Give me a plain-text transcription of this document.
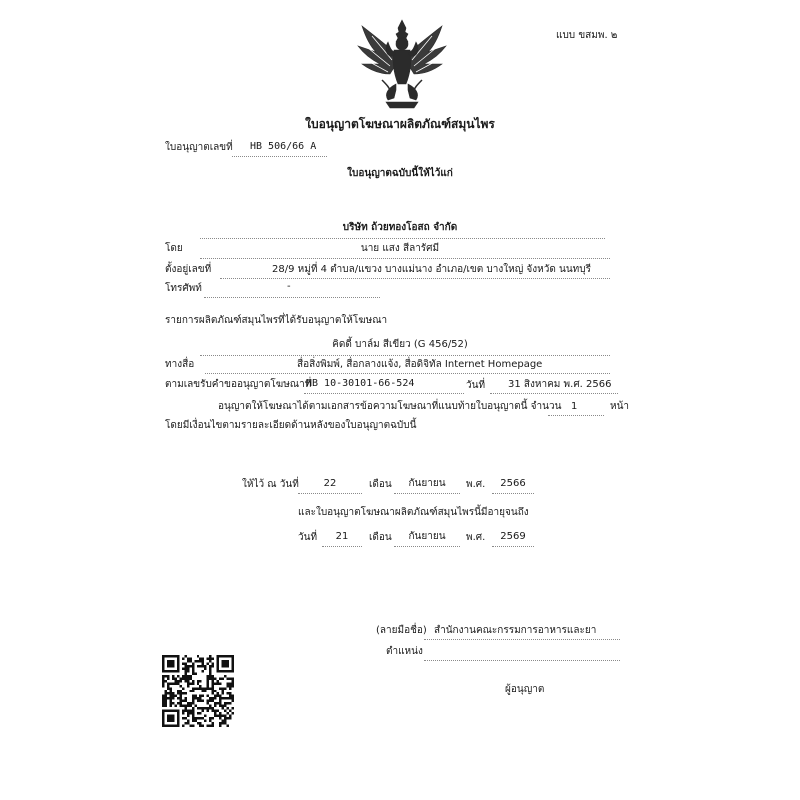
แบบ ขสมพ. ๒
ใบอนุญาตโฆษณาผลิตภัณฑ์สมุนไพร
ใบอนุญาตเลขที่ HB 506/66 A
ใบอนุญาตฉบับนี้ให้ไว้แก่
บริษัท ถ้วยทองโอสถ จำกัด
โดย	นาย แสง สีลารัศมี
ตั้งอยู่เลขที่	28/9 หมู่ที่ 4 ตำบล/แขวง บางแม่นาง อำเภอ/เขต บางใหญ่ จังหวัด นนทบุรี
โทรศัพท์	-
รายการผลิตภัณฑ์สมุนไพรที่ได้รับอนุญาตให้โฆษณา
คิดดี้ บาล์ม สีเขียว (G 456/52)
ทางสื่อ	สื่อสิ่งพิมพ์, สื่อกลางแจ้ง, สื่อดิจิทัล Internet Homepage
ตามเลขรับคำขออนุญาตโฆษณาที่
HB 10-30101-66-524	วันที่ 31 สิงหาคม พ.ศ. 2566
อนุญาตให้โฆษณาได้ตามเอกสารข้อความโฆษณาที่แนบท้ายใบอนุญาตนี้ จำนวน 1	หน้า
โดยมีเงื่อนไขตามรายละเอียดด้านหลังของใบอนุญาตฉบับนี้
ให้ไว้ ณ วันที่	22	เดือน	กันยายน	พ.ศ.	2566
และใบอนุญาตโฆษณาผลิตภัณฑ์สมุนไพรนี้มีอายุจนถึง
วันที่	21	เดือน	กันยายน	พ.ศ.	2569
(ลายมือชื่อ) สำนักงานคณะกรรมการอาหารและยา
ตำแหน่ง
ผู้อนุญาต
